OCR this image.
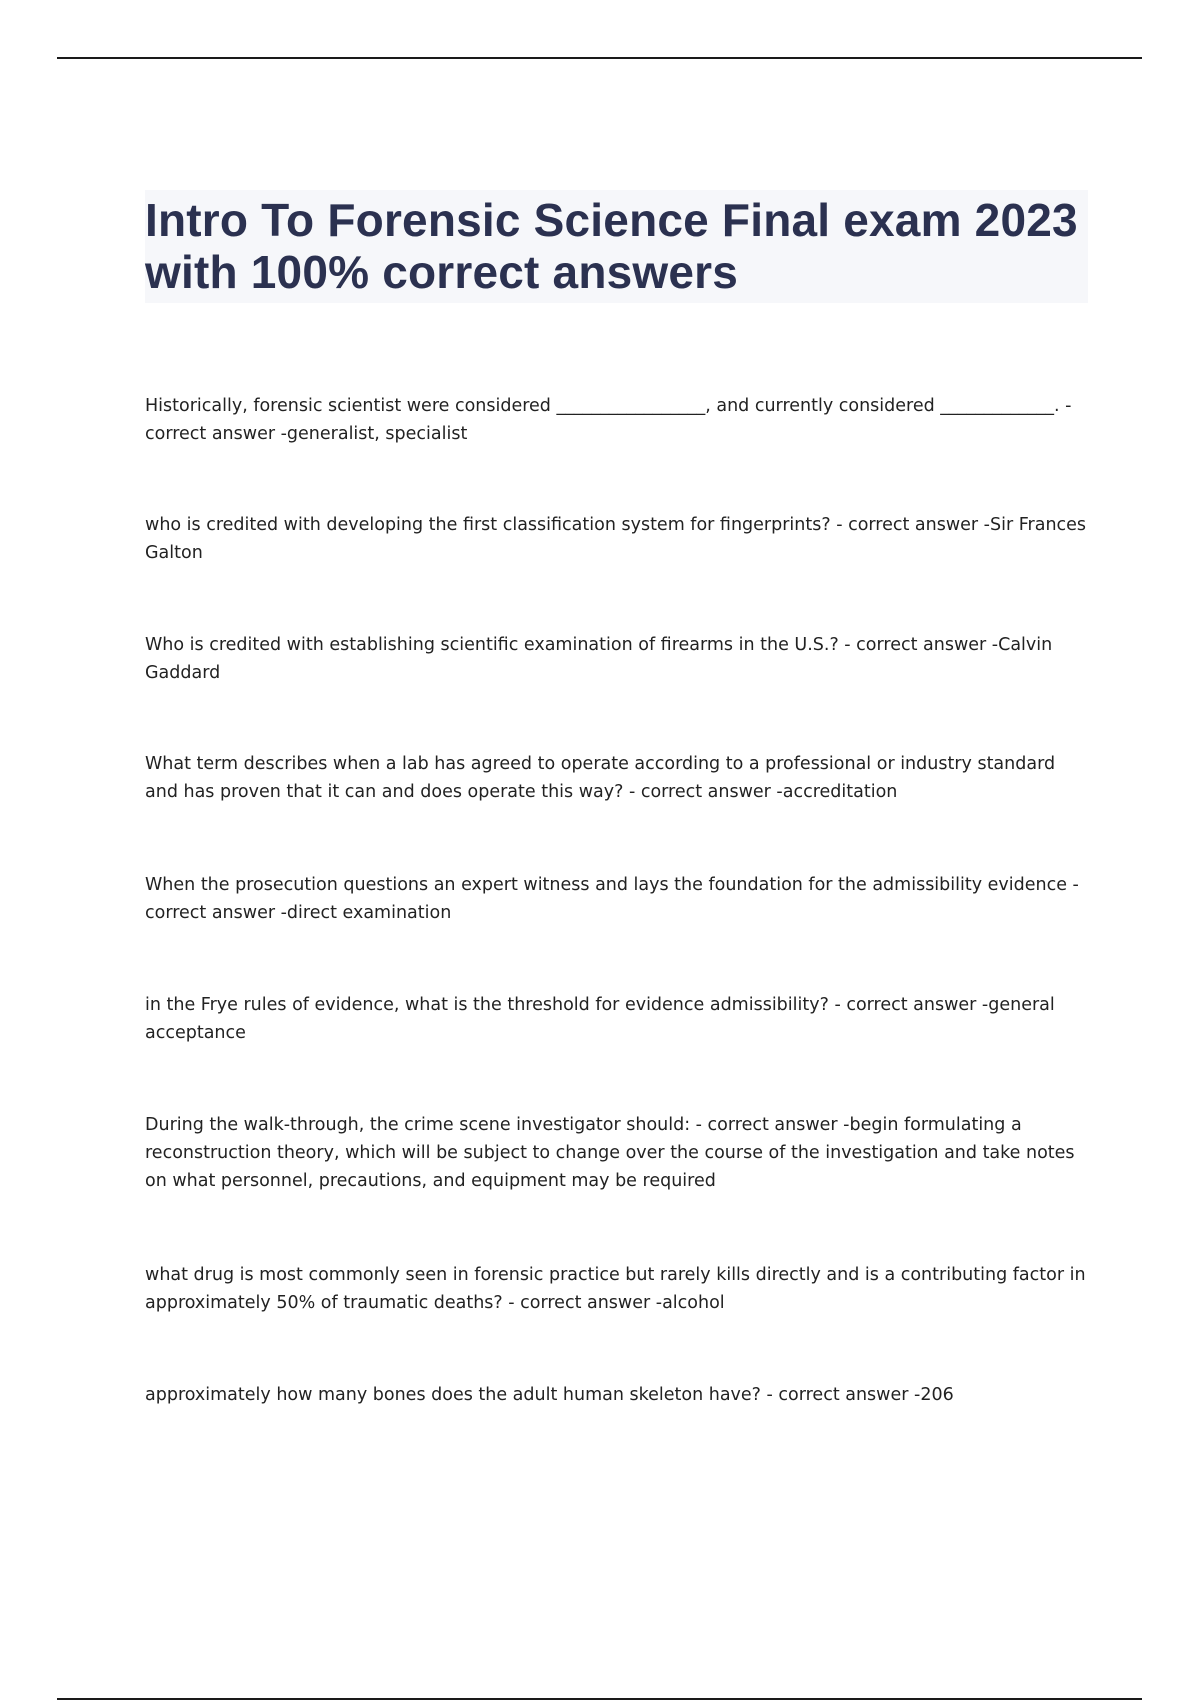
Intro To Forensic Science Final exam 2023 with 100% correct answers

Historically, forensic scientist were considered _________________, and currently considered _____________. - correct answer -generalist, specialist

who is credited with developing the first classification system for fingerprints? - correct answer -Sir Frances Galton

Who is credited with establishing scientific examination of firearms in the U.S.? - correct answer -Calvin Gaddard

What term describes when a lab has agreed to operate according to a professional or industry standard and has proven that it can and does operate this way? - correct answer -accreditation

When the prosecution questions an expert witness and lays the foundation for the admissibility evidence - correct answer -direct examination

in the Frye rules of evidence, what is the threshold for evidence admissibility? - correct answer -general acceptance

During the walk-through, the crime scene investigator should: - correct answer -begin formulating a reconstruction theory, which will be subject to change over the course of the investigation and take notes on what personnel, precautions, and equipment may be required

what drug is most commonly seen in forensic practice but rarely kills directly and is a contributing factor in approximately 50% of traumatic deaths? - correct answer -alcohol

approximately how many bones does the adult human skeleton have? - correct answer -206
